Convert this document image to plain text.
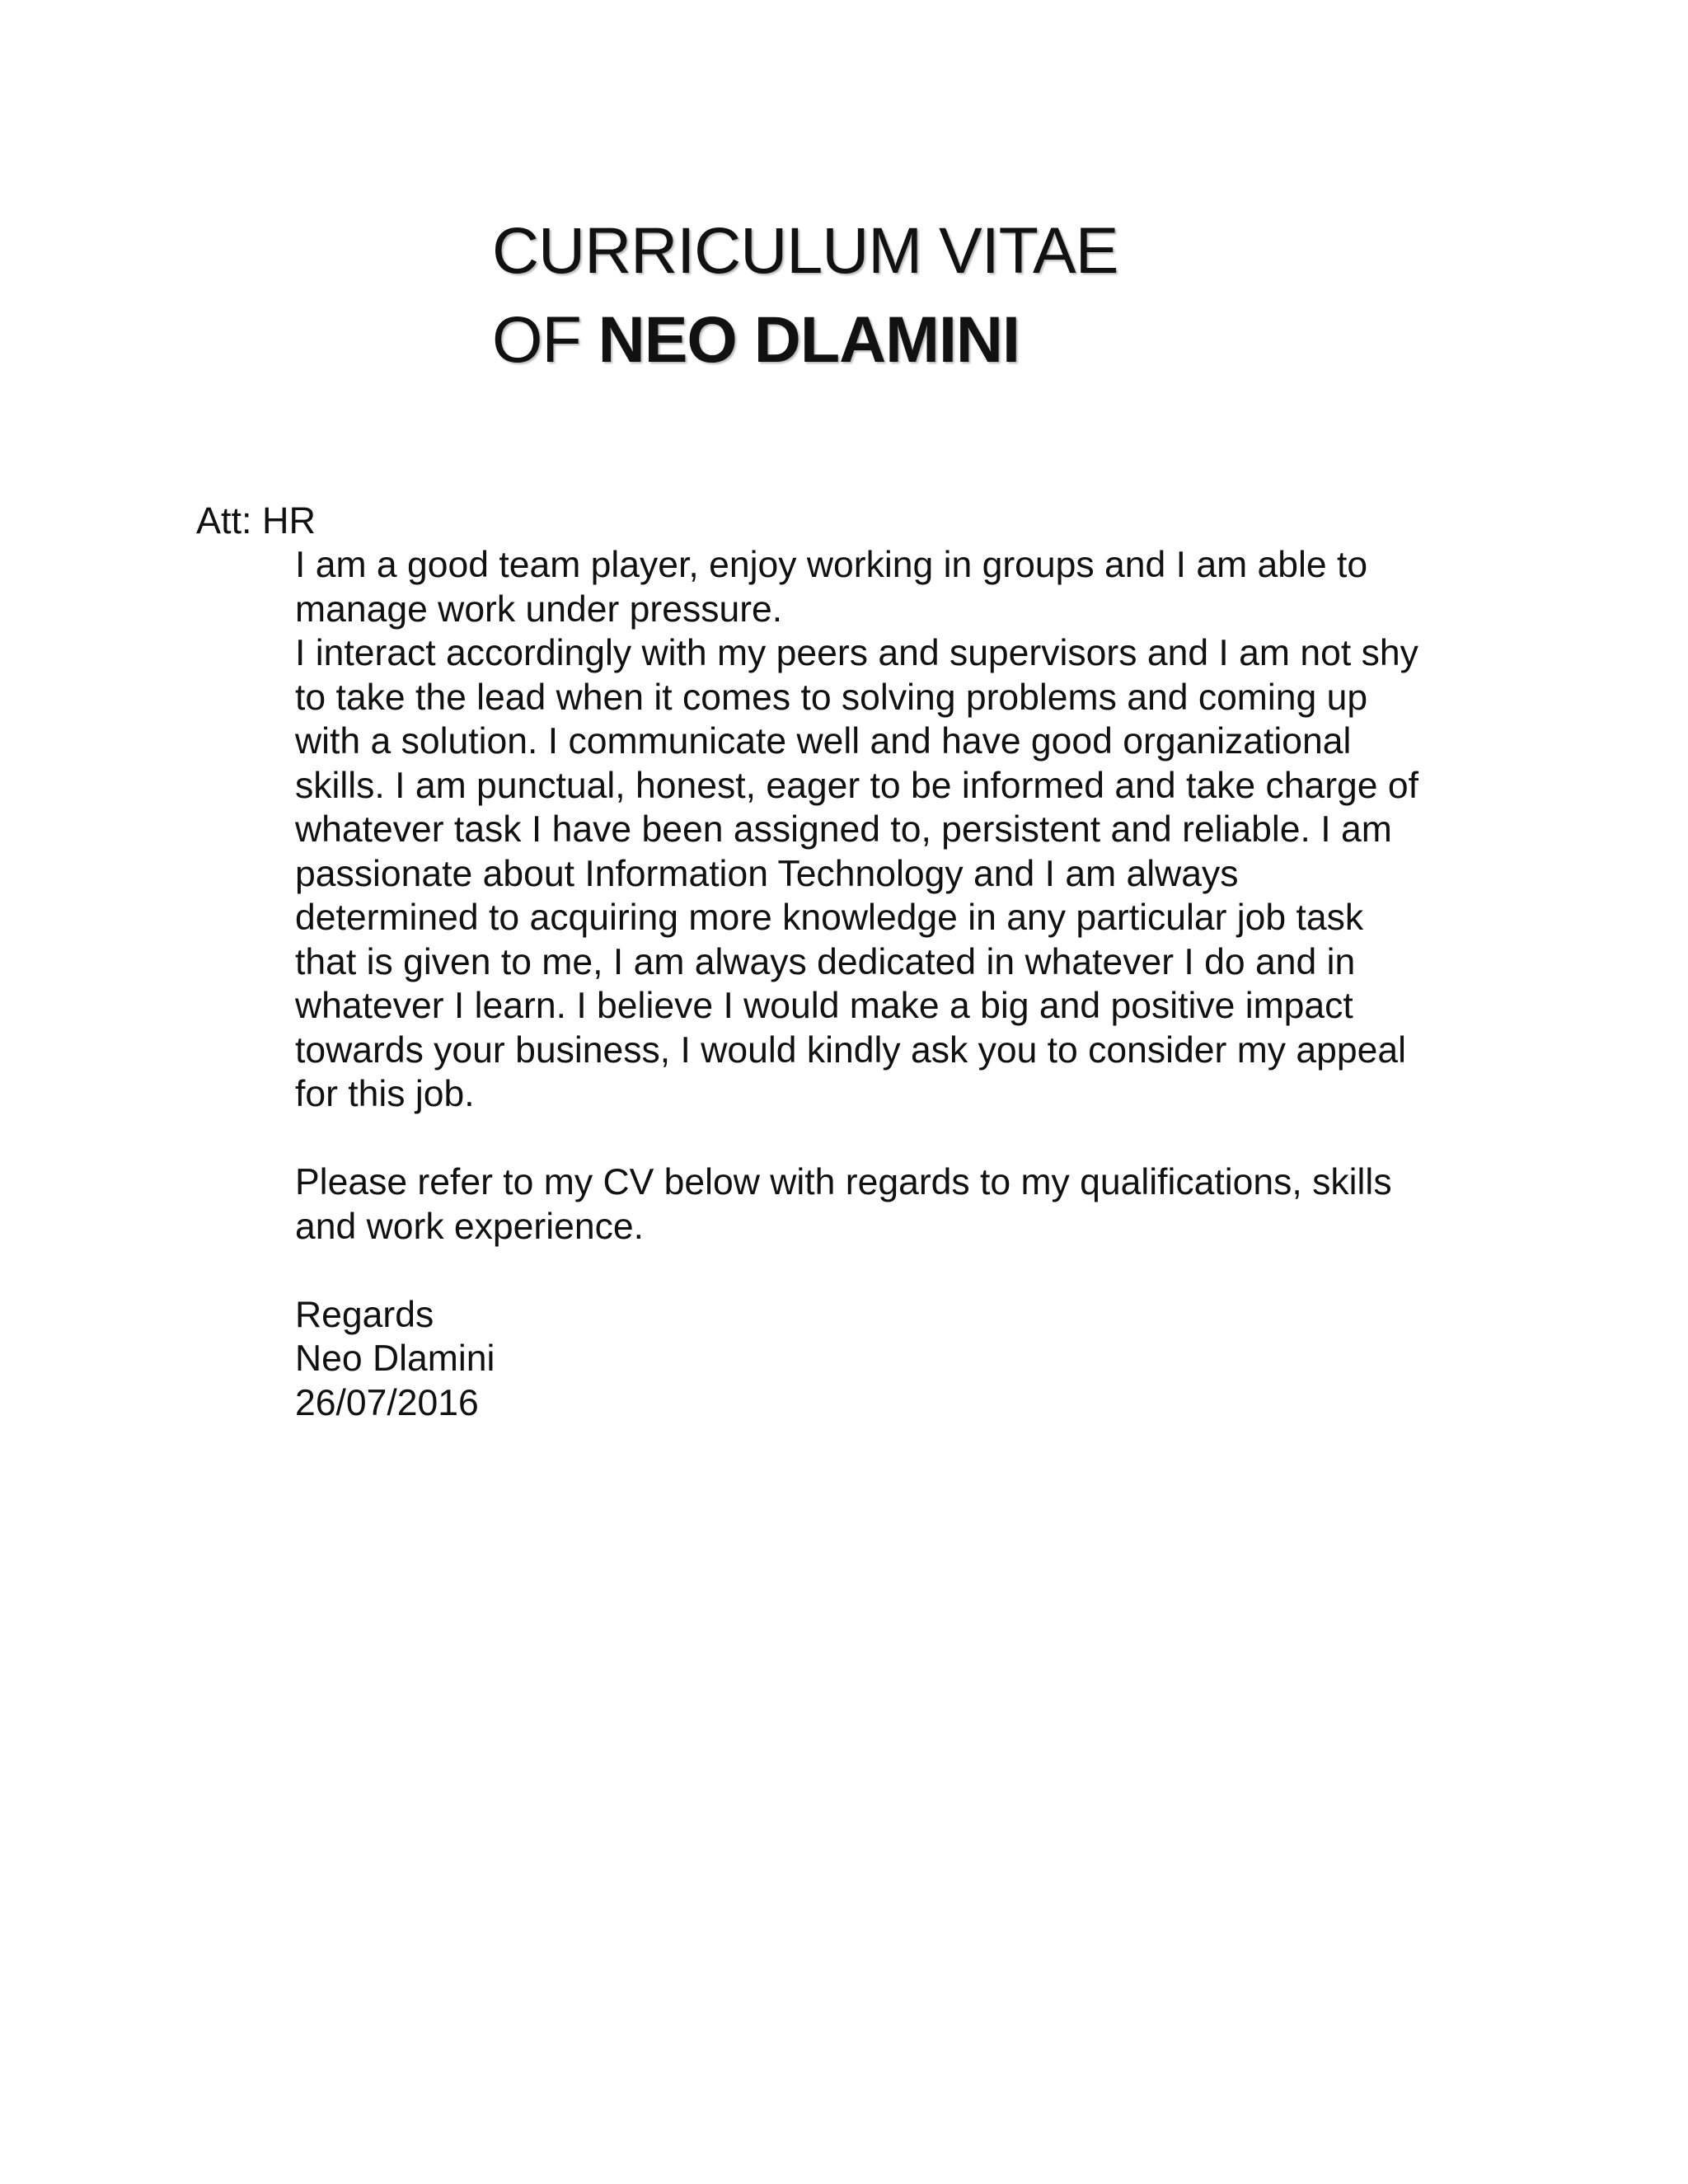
CURRICULUM VITAE
OF NEO DLAMINI
Att: HR
I am a good team player, enjoy working in groups and I am able to
manage work under pressure.
I interact accordingly with my peers and supervisors and I am not shy
to take the lead when it comes to solving problems and coming up
with a solution. I communicate well and have good organizational
skills. I am punctual, honest, eager to be informed and take charge of
whatever task I have been assigned to, persistent and reliable. I am
passionate about Information Technology and I am always
determined to acquiring more knowledge in any particular job task
that is given to me, I am always dedicated in whatever I do and in
whatever I learn. I believe I would make a big and positive impact
towards your business, I would kindly ask you to consider my appeal
for this job.
Please refer to my CV below with regards to my qualifications, skills
and work experience.
Regards
Neo Dlamini
26/07/2016
